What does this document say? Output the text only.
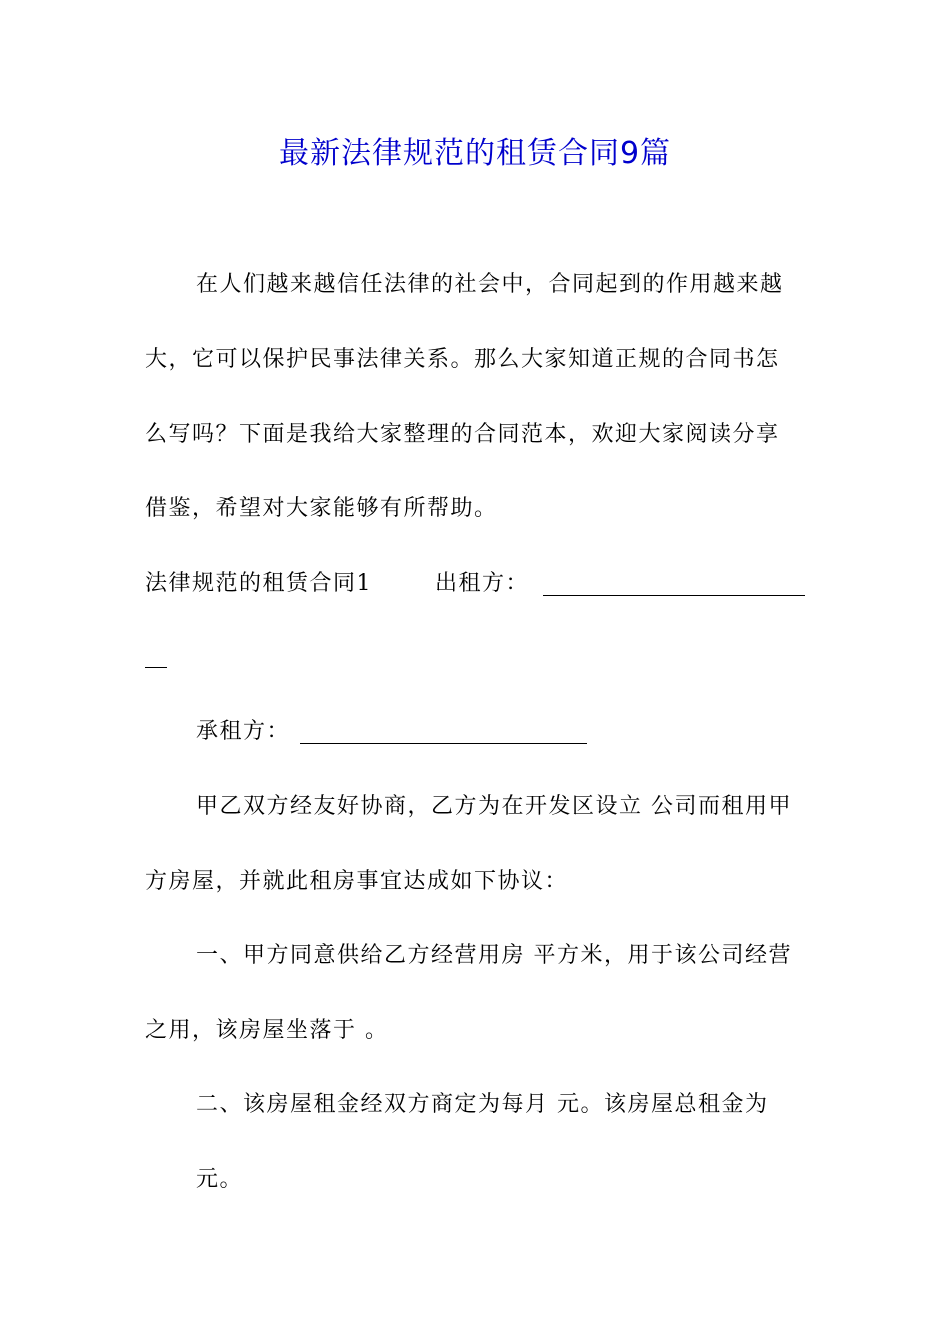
最新法律规范的租赁合同9篇
在人们越来越信任法律的社会中，合同起到的作用越来越
大，它可以保护民事法律关系。那么大家知道正规的合同书怎
么写吗？下面是我给大家整理的合同范本，欢迎大家阅读分享
借鉴，希望对大家能够有所帮助。
法律规范的租赁合同1	出租方：
承租方：
甲乙双方经友好协商，乙方为在开发区设立 公司而租用甲
方房屋，并就此租房事宜达成如下协议：
一、甲方同意供给乙方经营用房 平方米，用于该公司经营
之用，该房屋坐落于 。
二、该房屋租金经双方商定为每月 元。该房屋总租金为
元。
